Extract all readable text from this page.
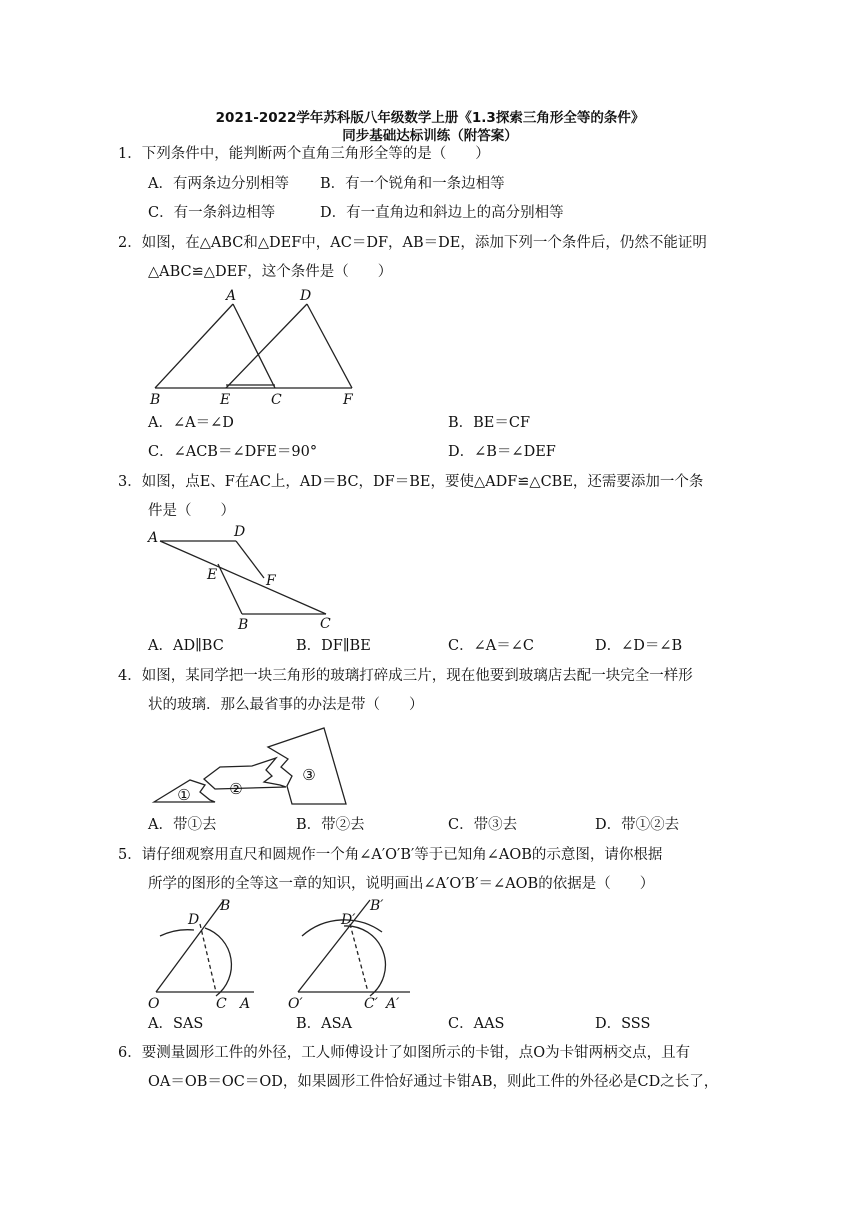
2021-2022学年苏科版八年级数学上册《1.3探索三角形全等的条件》
同步基础达标训练（附答案）
1．下列条件中，能判断两个直角三角形全等的是（　　）
A．有两条边分别相等 B．有一个锐角和一条边相等
C．有一条斜边相等	D．有一直角边和斜边上的高分别相等
2．如图，在△ABC和△DEF中，AC＝DF，AB＝DE，添加下列一个条件后，仍然不能证明
△ABC≌△DEF，这个条件是（　　）
A	D
B	E	C	F
A．∠A＝∠D	B．BE＝CF
C．∠ACB＝∠DFE＝90°	D．∠B＝∠DEF
3．如图，点E、F在AC上，AD＝BC，DF＝BE，要使△ADF≌△CBE，还需要添加一个条
件是（　　）
A	D
E	F
B	C
A．AD∥BC	B．DF∥BE	C．∠A＝∠C	D．∠D＝∠B
4．如图，某同学把一块三角形的玻璃打碎成三片，现在他要到玻璃店去配一块完全一样形
状的玻璃．那么最省事的办法是带（　　）
①	②
③
A．带①去	B．带②去	C．带③去	D．带①②去
5．请仔细观察用直尺和圆规作一个角∠A′O′B′等于已知角∠AOB的示意图，请你根据
所学的图形的全等这一章的知识，说明画出∠A′O′B′＝∠AOB的依据是（　　）
D
B
O	C A
D′
B′
O′	C′ A′
A．SAS	B．ASA	C．AAS	D．SSS
6．要测量圆形工件的外径，工人师傅设计了如图所示的卡钳，点O为卡钳两柄交点，且有
OA＝OB＝OC＝OD，如果圆形工件恰好通过卡钳AB，则此工件的外径必是CD之长了，
